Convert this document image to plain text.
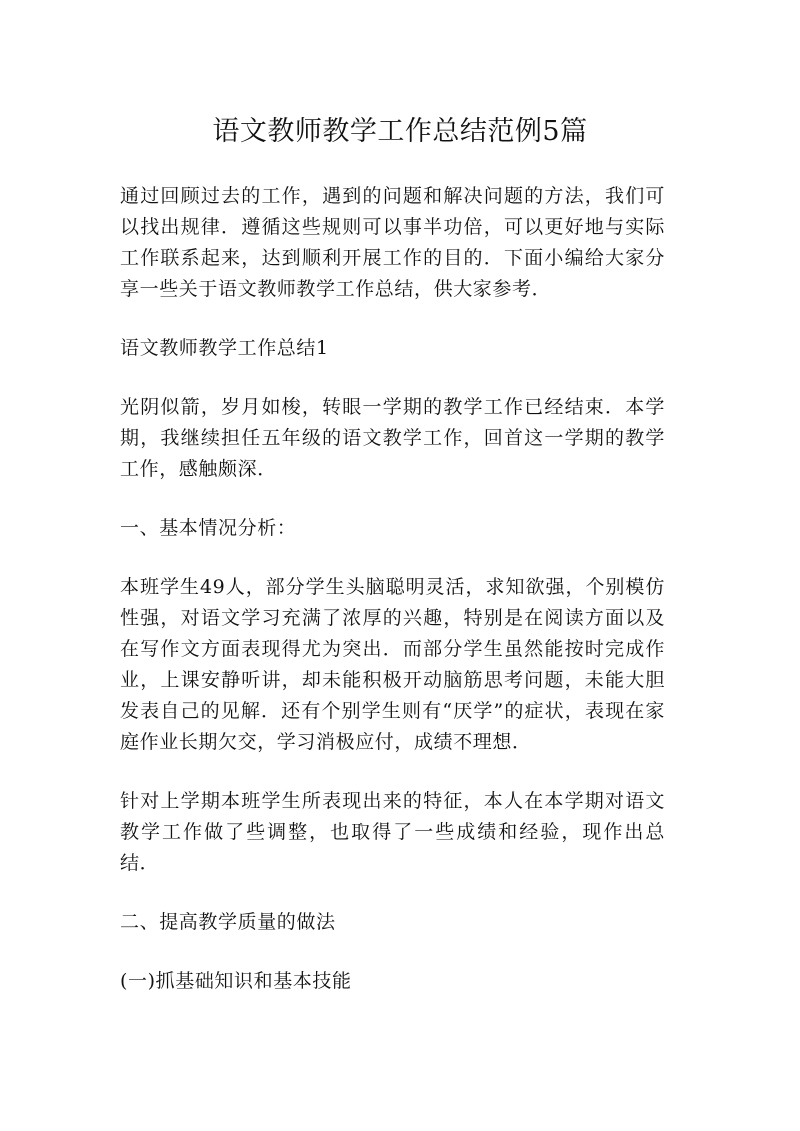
语文教师教学工作总结范例5篇

通过回顾过去的工作，遇到的问题和解决问题的方法，我们可以找出规律．遵循这些规则可以事半功倍，可以更好地与实际工作联系起来，达到顺利开展工作的目的．下面小编给大家分享一些关于语文教师教学工作总结，供大家参考．

语文教师教学工作总结1

光阴似箭，岁月如梭，转眼一学期的教学工作已经结束．本学期，我继续担任五年级的语文教学工作，回首这一学期的教学工作，感触颇深．

一、基本情况分析：

本班学生49人，部分学生头脑聪明灵活，求知欲强，个别模仿性强，对语文学习充满了浓厚的兴趣，特别是在阅读方面以及在写作文方面表现得尤为突出．而部分学生虽然能按时完成作业，上课安静听讲，却未能积极开动脑筋思考问题，未能大胆发表自己的见解．还有个别学生则有“厌学”的症状，表现在家庭作业长期欠交，学习消极应付，成绩不理想．

针对上学期本班学生所表现出来的特征，本人在本学期对语文教学工作做了些调整，也取得了一些成绩和经验，现作出总结．

二、提高教学质量的做法

(一)抓基础知识和基本技能
